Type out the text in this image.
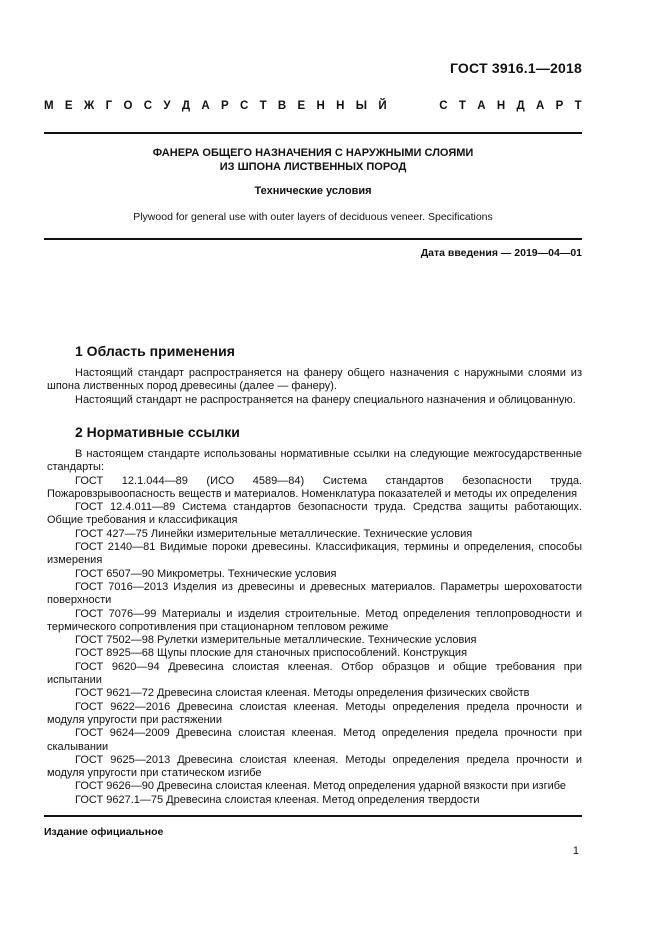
ГОСТ 3916.1—2018
М Е Ж Г О С У Д А Р С Т В Е Н Н Ы Й	С Т А Н Д А Р Т
ФАНЕРА ОБЩЕГО НАЗНАЧЕНИЯ С НАРУЖНЫМИ СЛОЯМИ
ИЗ ШПОНА ЛИСТВЕННЫХ ПОРОД
Технические условия
Plywood for general use with outer layers of deciduous veneer. Specifications
Дата введения — 2019—04—01
1 Область применения

Настоящий стандарт распространяется на фанеру общего назначения с наружными слоями из шпона лиственных пород древесины (далее — фанеру).

Настоящий стандарт не распространяется на фанеру специального назначения и облицованную.

2 Нормативные ссылки

В настоящем стандарте использованы нормативные ссылки на следующие межгосударственные стандарты:

ГОСТ 12.1.044—89 (ИСО 4589—84) Система стандартов безопасности труда. Пожаровзрывоопасность веществ и материалов. Номенклатура показателей и методы их определения

ГОСТ 12.4.011—89 Система стандартов безопасности труда. Средства защиты работающих. Общие требования и классификация

ГОСТ 427—75 Линейки измерительные металлические. Технические условия

ГОСТ 2140—81 Видимые пороки древесины. Классификация, термины и определения, способы измерения

ГОСТ 6507—90 Микрометры. Технические условия

ГОСТ 7016—2013 Изделия из древесины и древесных материалов. Параметры шероховатости поверхности

ГОСТ 7076—99 Материалы и изделия строительные. Метод определения теплопроводности и термического сопротивления при стационарном тепловом режиме

ГОСТ 7502—98 Рулетки измерительные металлические. Технические условия

ГОСТ 8925—68 Щупы плоские для станочных приспособлений. Конструкция

ГОСТ 9620—94 Древесина слоистая клееная. Отбор образцов и общие требования при испытании

ГОСТ 9621—72 Древесина слоистая клееная. Методы определения физических свойств

ГОСТ 9622—2016 Древесина слоистая клееная. Методы определения предела прочности и модуля упругости при растяжении

ГОСТ 9624—2009 Древесина слоистая клееная. Метод определения предела прочности при скалывании

ГОСТ 9625—2013 Древесина слоистая клееная. Методы определения предела прочности и модуля упругости при статическом изгибе

ГОСТ 9626—90 Древесина слоистая клееная. Метод определения ударной вязкости при изгибе

ГОСТ 9627.1—75 Древесина слоистая клееная. Метод определения твердости

Издание официальное
1
